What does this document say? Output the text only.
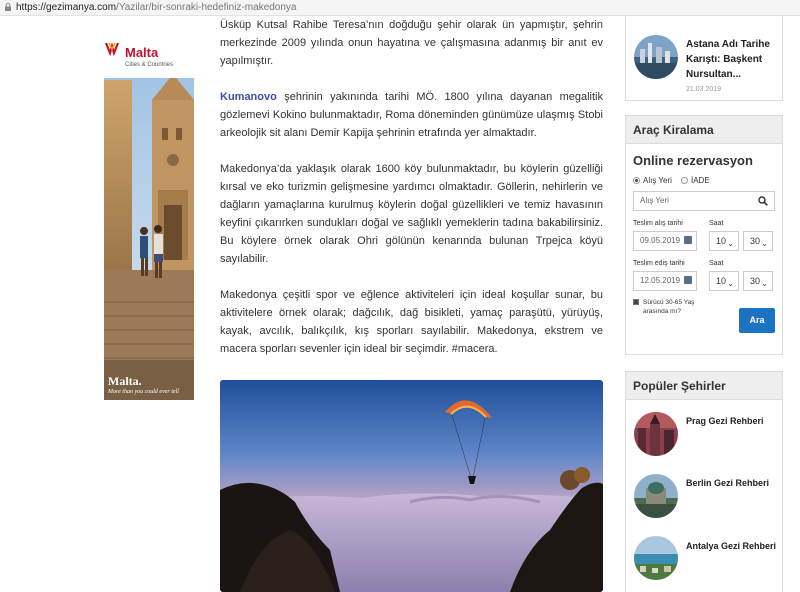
https://gezimanya.com/Yazilar/bir-sonraki-hedefiniz-makedonya
Malta
Cities & Countries
Malta.
More than you could ever tell

Üsküp Kutsal Rahibe Teresa’nın doğduğu şehir olarak ün yapmıştır, şehrin merkezinde 2009 yılında onun hayatına ve çalışmasına adanmış bir anıt ev yapılmıştır.

Kumanovo şehrinin yakınında tarihi MÖ. 1800 yılına dayanan megalitik gözlemevi Kokino bulunmaktadır, Roma döneminden günümüze ulaşmış Stobi arkeolojik sit alanı Demir Kapija şehrinin etrafında yer almaktadır.

Makedonya’da yaklaşık olarak 1600 köy bulunmaktadır, bu köylerin güzelliği kırsal ve eko turizmin gelişmesine yardımcı olmaktadır. Göllerin, nehirlerin ve dağların yamaçlarına kurulmuş köylerin doğal güzellikleri ve temiz havasının keyfini çıkarırken sundukları doğal ve sağlıklı yemeklerin tadına bakabilirsiniz. Bu köylere örnek olarak Ohri gölünün kenarında bulunan Trpejca köyü sayılabilir.

Makedonya çeşitli spor ve eğlence aktiviteleri için ideal koşullar sunar, bu aktivitelere örnek olarak; dağcılık, dağ bisikleti, yamaç paraşütü, yürüyüş, kayak, avcılık, balıkçılık, kış sporları sayılabilir. Makedonya, ekstrem ve macera sporları sevenler için ideal bir seçimdir. #macera.

Astana Adı Tarihe Karıştı: Başkent Nursultan...
21.03.2019
Araç Kiralama
Online rezervasyon
Alış Yeri İADE
Alış Yeri
Teslim alış tarihi	Saat
09.05.2019	10 ⌄	30 ⌄
Teslim ediş tarihi	Saat
12.05.2019	10 ⌄	30 ⌄
Sürücü 30-65 Yaş arasında mı?
Ara
Popüler Şehirler
Prag Gezi Rehberi
Berlin Gezi Rehberi
Antalya Gezi Rehberi
